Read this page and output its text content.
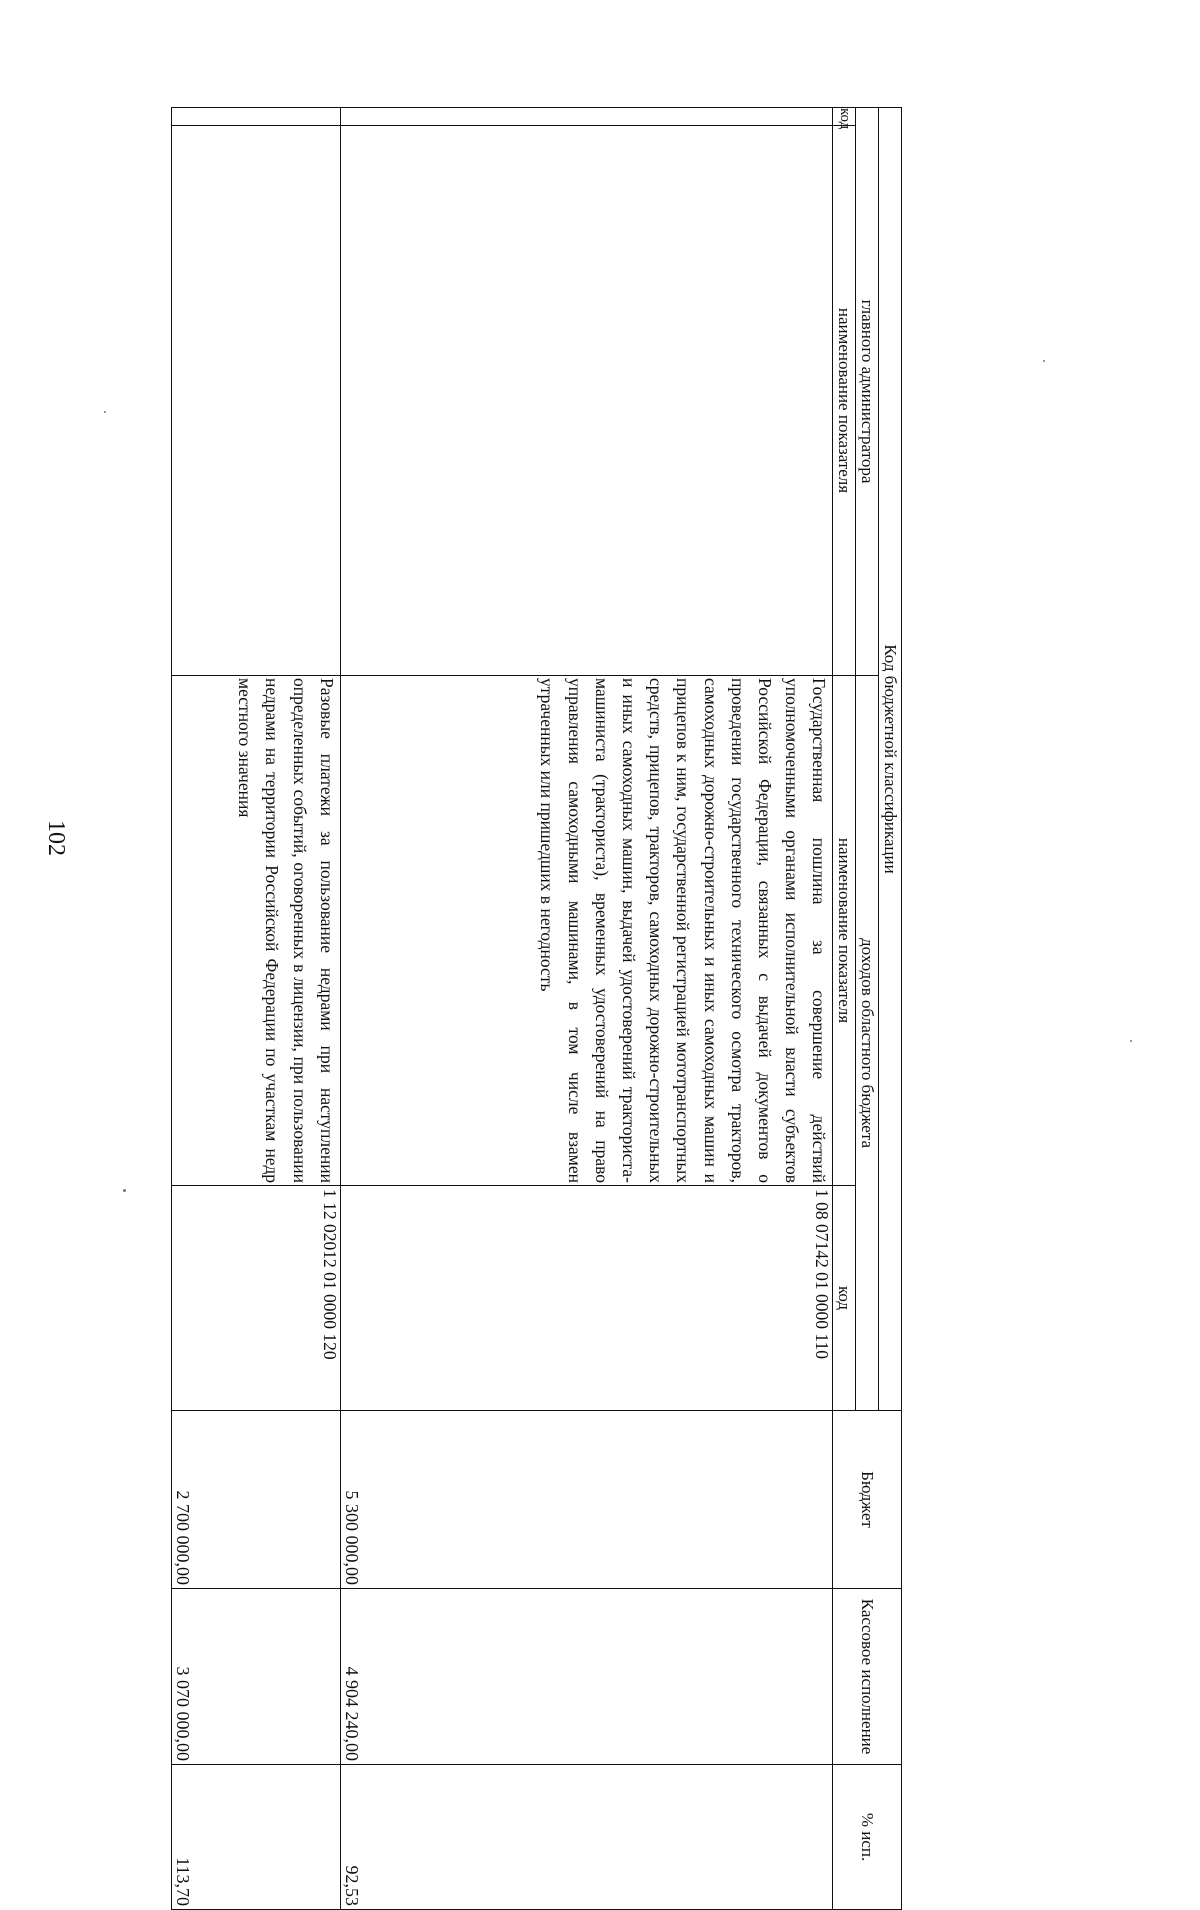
102	Код бюджетной классификации				Бюджет	Кассовое исполнение	% исп.
главного администратора		доходов областного бюджета				
код	наименование показателя	наименование показателя	код			
		Государственная пошлина за совершение действий уполномоченными органами исполнительной власти субъектов Российской Федерации, связанных с выдачей документов о проведении государственного технического осмотра тракторов, самоходных дорожно-строительных и иных самоходных машин и прицепов к ним, государственной регистрацией мототранспортных средств, прицепов, тракторов, самоходных дорожно-строительных и иных самоходных машин, выдачей удостоверений тракториста-машиниста (тракториста), временных удостоверений на право управления самоходными машинами, в том числе взамен утраченных или пришедших в негодность	1 08 07142 01 0000 110	5 300 000,00	4 904 240,00	92,53
		Разовые платежи за пользование недрами при наступлении определенных событий, оговоренных в лицензии, при пользовании недрами на территории Российской Федерации по участкам недр местного значения	1 12 02012 01 0000 120	2 700 000,00	3 070 000,00	113,70
